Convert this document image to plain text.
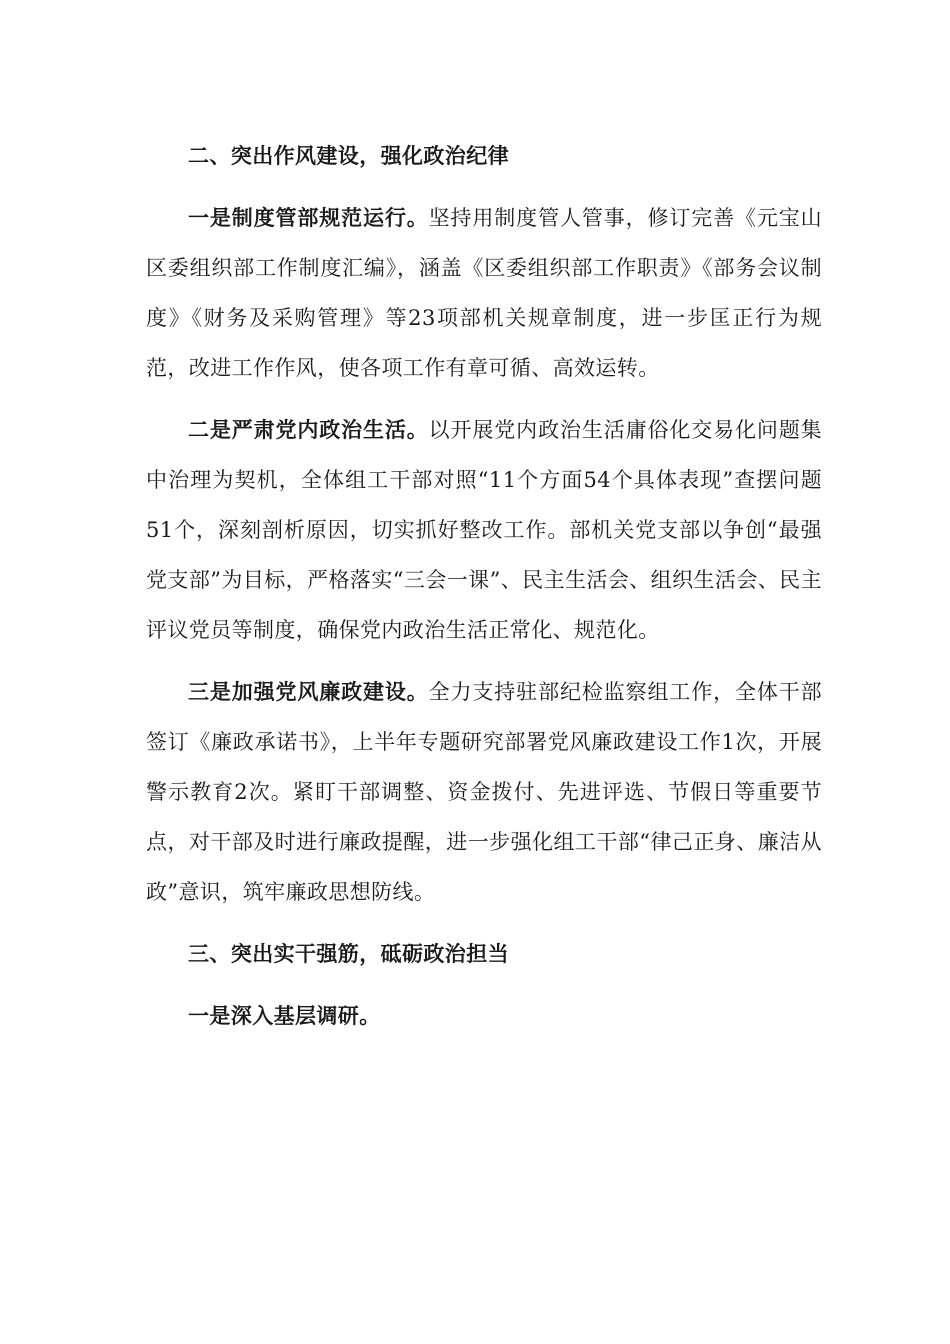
二、突出作风建设，强化政治纪律

一是制度管部规范运行。坚持用制度管人管事，修订完善《元宝山区委组织部工作制度汇编》，涵盖《区委组织部工作职责》《部务会议制度》《财务及采购管理》等23项部机关规章制度，进一步匡正行为规范，改进工作作风，使各项工作有章可循、高效运转。

二是严肃党内政治生活。以开展党内政治生活庸俗化交易化问题集中治理为契机，全体组工干部对照“11个方面54个具体表现”查摆问题51个，深刻剖析原因，切实抓好整改工作。部机关党支部以争创“最强党支部”为目标，严格落实“三会一课”、民主生活会、组织生活会、民主评议党员等制度，确保党内政治生活正常化、规范化。

三是加强党风廉政建设。全力支持驻部纪检监察组工作，全体干部签订《廉政承诺书》，上半年专题研究部署党风廉政建设工作1次，开展警示教育2次。紧盯干部调整、资金拨付、先进评选、节假日等重要节点，对干部及时进行廉政提醒，进一步强化组工干部“律己正身、廉洁从政”意识，筑牢廉政思想防线。

三、突出实干强筋，砥砺政治担当

一是深入基层调研。
